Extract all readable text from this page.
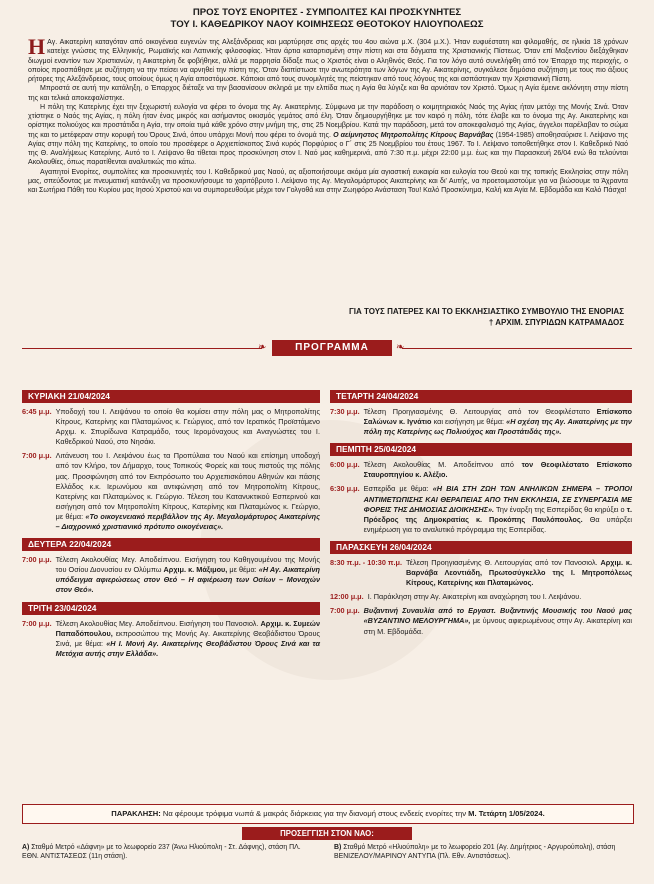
ΠΡΟΣ ΤΟΥΣ ΕΝΟΡΙΤΕΣ - ΣΥΜΠΟΛΙΤΕΣ ΚΑΙ ΠΡΟΣΚΥΝΗΤΕΣ
ΤΟΥ Ι. ΚΑΘΕΔΡΙΚΟΥ ΝΑΟΥ ΚΟΙΜΗΣΕΩΣ ΘΕΟΤΟΚΟΥ ΗΛΙΟΥΠΟΛΕΩΣ

Η Αγ. Αικατερίνη καταγόταν από οικογένεια ευγενών της Αλεξάνδρειας και μαρτύρησε στις αρχές του 4ου αιώνα μ.Χ. (304 μ.Χ.). Ήταν ευφυέστατη και φιλομαθής, σε ηλικία 18 χρόνων κατείχε γνώσεις της Ελληνικής, Ρωμαϊκής και Λατινικής φιλοσοφίας. Ήταν άρτια καταρτισμένη στην πίστη και στα δόγματα της Χριστιανικής Πίστεως. Όταν επί Μαξεντίου διεξάχθηκαν διωγμοί εναντίον των Χριστιανών, η Αικατερίνη δε φοβήθηκε, αλλά με παρρησία δίδαξε πως ο Χριστός είναι ο Αληθινός Θεός. Για τον λόγο αυτό συνελήφθη από τον Έπαρχο της περιοχής, ο οποίος προσπάθησε με συζήτηση να την πείσει να αρνηθεί την πίστη της. Όταν διαπίστωσε την ανωτερότητα των λόγων της Αγ. Αικατερίνης, συγκάλεσε δημόσια συζήτηση με τους πιο άξιους ρήτορες της Αλεξάνδρειας, τους οποίους όμως η Αγία αποστόμωσε. Κάποιοι από τους συνομιλητές της πείστηκαν από τους λόγους της και ασπάστηκαν την Χριστιανική Πίστη.

Μπροστά σε αυτή την κατάληξη, ο Έπαρχος διέταξε να την βασανίσουν σκληρά με την ελπίδα πως η Αγία θα λύγιζε και θα αρνιόταν τον Χριστό. Όμως η Αγία έμεινε ακλόνητη στην πίστη της και τελικά αποκεφαλίστηκε.

Η πόλη της Κατερίνης έχει την ξεχωριστή ευλογία να φέρει το όνομα της Αγ. Αικατερίνης. Σύμφωνα με την παράδοση ο κοιμητηριακός Ναός της Αγίας ήταν μετόχι της Μονής Σινά. Όταν χτίστηκε ο Ναός της Αγίας, η πόλη ήταν ένας μικρός και ασήμαντος οικισμός γεμάτος από έλη. Όταν δημιουργήθηκε με τον καιρό η πόλη, τότε έλαβε και το όνομα της Αγ. Αικατερίνης και ορίστηκε πολιούχος και προστάτιδα η Αγία, την οποία τιμά κάθε χρόνο στην μνήμη της, στις 25 Νοεμβρίου. Κατά την παράδοση, μετά τον αποκεφαλισμό της Αγίας, άγγελοι παρέλαβαν το σώμα της και το μετέφεραν στην κορυφή του Όρους Σινά, όπου υπάρχει Μονή που φέρει το όνομά της. Ο αείμνηστος Μητροπολίτης Κίτρους Βαρνάβας (1954-1985) αποθησαύρισε Ι. Λείψανο της Αγίας στην πόλη της Κατερίνης, το οποίο του προσέφερε ο Αρχιεπίσκοπος Σινά κυρός Πορφύριος ο Γ΄ στις 25 Νοεμβρίου του έτους 1967. Το Ι. Λείψανο τοποθετήθηκε στον Ι. Καθεδρικό Ναό της Θ. Αναλήψεως Κατερίνης. Αυτό το Ι. Λείψανο θα τίθεται προς προσκύνηση στον Ι. Ναό μας καθημερινά, από 7:30 π.μ. μέχρι 22:00 μ.μ. έως και την Παρασκευή 26/04 ενώ θα τελούνται Ακολουθίες, όπως παρατίθενται αναλυτικώς πιο κάτω.

Αγαπητοί Ενορίτες, συμπολίτες και προσκυνητές του Ι. Καθεδρικού μας Ναού, ας αξιοποιήσουμε ακόμα μία αγιαστική ευκαιρία και ευλογία του Θεού και της τοπικής Εκκλησίας στην πόλη μας, σπεύδοντας με πνευματική κατάνυξη να προσκυνήσουμε το χαριτόβρυτο Ι. Λείψανο της Αγ. Μεγαλομάρτυρος Αικατερίνης και δι' Αυτής, να προετοιμαστούμε για να βιώσουμε τα Άχραντα και Σωτήρια Πάθη του Κυρίου μας Ιησού Χριστού και να συμπορευθούμε μέχρι τον Γολγοθά και στην Ζωηφόρο Ανάσταση Του! Καλό Προσκύνημα, Καλή και Αγία Μ. Εβδομάδα και Καλό Πάσχα!

ΓΙΑ ΤΟΥΣ ΠΑΤΕΡΕΣ ΚΑΙ ΤΟ ΕΚΚΛΗΣΙΑΣΤΙΚΟ ΣΥΜΒΟΥΛΙΟ ΤΗΣ ΕΝΟΡΙΑΣ
† ΑΡΧΙΜ. ΣΠΥΡΙΔΩΝ ΚΑΤΡΑΜΑΔΟΣ
❧	❧
ΠΡΟΓΡΑΜΜΑ
ΚΥΡΙΑΚΗ 21/04/2024
6:45 μ.μ. Υποδοχή του Ι. Λειψάνου το οποίο θα κομίσει στην πόλη μας ο Μητροπολίτης Κίτρους, Κατερίνης και Πλαταμώνος κ. Γεώργιος, από τον Ιερατικός Προϊστάμενο Αρχιμ. κ. Σπυρίδωνα Κατραμάδο, τους Ιερομόναχους και Αναγνώστες του Ι. Καθεδρικού Ναού, στο Νησάκι.
7:00 μ.μ. Λιτάνευση του Ι. Λειψάνου έως τα Προπύλαια του Ναού και επίσημη υποδοχή από τον Κλήρο, τον Δήμαρχο, τους Τοπικούς Φορείς και τους πιστούς της πόλης μας. Προσφώνηση από τον Εκπρόσωπο του Αρχιεπισκόπου Αθηνών και πάσης Ελλάδος κ.κ. Ιερωνύμου και αντιφώνηση από τον Μητροπολίτη Κίτρους, Κατερίνης και Πλαταμώνος κ. Γεώργιο. Τέλεση του Κατανυκτικού Εσπερινού και εισήγηση από τον Μητροπολίτη Κίτρους, Κατερίνης και Πλαταμώνος κ. Γεώργιο, με θέμα: «Το οικογενειακό περιβάλλον της Αγ. Μεγαλομάρτυρος Αικατερίνης – Διαχρονικό χριστιανικό πρότυπο οικογένειας».
ΔΕΥΤΕΡΑ 22/04/2024
7:00 μ.μ. Τέλεση Ακολουθίας Μεγ. Αποδείπνου. Εισήγηση του Καθηγουμένου της Μονής του Οσίου Διονυσίου εν Ολύμπω Αρχιμ. κ. Μάξιμου, με θέμα: «Η Αγ. Αικατερίνη υπόδειγμα αφιερώσεως στον Θεό – Η αφιέρωση των Οσίων – Μοναχών στον Θεό».
ΤΡΙΤΗ 23/04/2024
7:00 μ.μ. Τέλεση Ακολουθίας Μεγ. Αποδείπνου. Εισήγηση του Πανοσιολ. Αρχιμ. κ. Συμεών Παπαδόπουλου, εκπροσώπου της Μονής Αγ. Αικατερίνης Θεοβάδιστου Όρους Σινά, με θέμα: «Η Ι. Μονή Αγ. Αικατερίνης Θεοβάδιστου Όρους Σινά και τα Μετόχια αυτής στην Ελλάδα».
ΤΕΤΑΡΤΗ 24/04/2024
7:30 μ.μ. Τέλεση Προηγιασμένης Θ. Λειτουργίας από τον Θεοφιλέστατο Επίσκοπο Σαλώνων κ. Ιγνάτιο και εισήγηση με θέμα: «Η σχέση της Αγ. Αικατερίνης με την πόλη της Κατερίνης ως Πολιούχος και Προστάτιδάς της».
ΠΕΜΠΤΗ 25/04/2024
6:00 μ.μ. Τέλεση Ακολουθίας Μ. Αποδείπνου από τον Θεοφιλέστατο Επίσκοπο Σταυροπηγίου κ. Αλέξιο.
6:30 μ.μ. Εσπερίδα με θέμα: «Η ΒΙΑ ΣΤΗ ΖΩΗ ΤΩΝ ΑΝΗΛΙΚΩΝ ΣΗΜΕΡΑ – ΤΡΟΠΟΙ ΑΝΤΙΜΕΤΩΠΙΣΗΣ ΚΑΙ ΘΕΡΑΠΕΙΑΣ ΑΠΟ ΤΗΝ ΕΚΚΛΗΣΙΑ, ΣΕ ΣΥΝΕΡΓΑΣΙΑ ΜΕ ΦΟΡΕΙΣ ΤΗΣ ΔΗΜΟΣΙΑΣ ΔΙΟΙΚΗΣΗΣ». Την έναρξη της Εσπερίδας θα κηρύξει ο τ. Πρόεδρος της Δημοκρατίας κ. Προκόπης Παυλόπουλος. Θα υπάρξει ενημέρωση για το αναλυτικό πρόγραμμα της Εσπερίδας.
ΠΑΡΑΣΚΕΥΗ 26/04/2024
8:30 π.μ. - 10:30 π.μ. Τέλεση Προηγιασμένης Θ. Λειτουργίας από τον Πανοσιολ. Αρχιμ. κ. Βαρνάβα Λεοντιάδη, Πρωτοσύγκελλο της Ι. Μητροπόλεως Κίτρους, Κατερίνης και Πλαταμώνος.
12:00 μ.μ. Ι. Παράκληση στην Αγ. Αικατερίνη και αναχώρηση του Ι. Λειψάνου.
7:00 μ.μ. Βυζαντινή Συναυλία από το Εργαστ. Βυζαντινής Μουσικής του Ναού μας «ΒΥΖΑΝΤΙΝΟ ΜΕΛΟΥΡΓΗΜΑ», με ύμνους αφιερωμένους στην Αγ. Αικατερίνη και στη Μ. Εβδομάδα.
ΠΑΡΑΚΛΗΣΗ: Να φέρουμε τρόφιμα νωπά & μακράς διάρκειας για την διανομή στους ενδεείς ενορίτες την Μ. Τετάρτη 1/05/2024.
ΠΡΟΣΕΓΓΙΣΗ ΣΤΟΝ ΝΑΟ:
Α) Σταθμό Μετρό «Δάφνη» με το λεωφορείο 237 (Άνω Ηλιούπολη - Στ. Δάφνης), στάση ΠΛ. ΕΘΝ. ΑΝΤΙΣΤΑΣΕΩΣ (11η στάση).
Β) Σταθμό Μετρό «Ηλιούπολη» με το λεωφορείο 201 (Αγ. Δημήτριος - Αργυρούπολη), στάση ΒΕΝΙΖΕΛΟΥ/ΜΑΡΙΝΟΥ ΑΝΤΥΠΑ (Πλ. Εθν. Αντιστάσεως).
